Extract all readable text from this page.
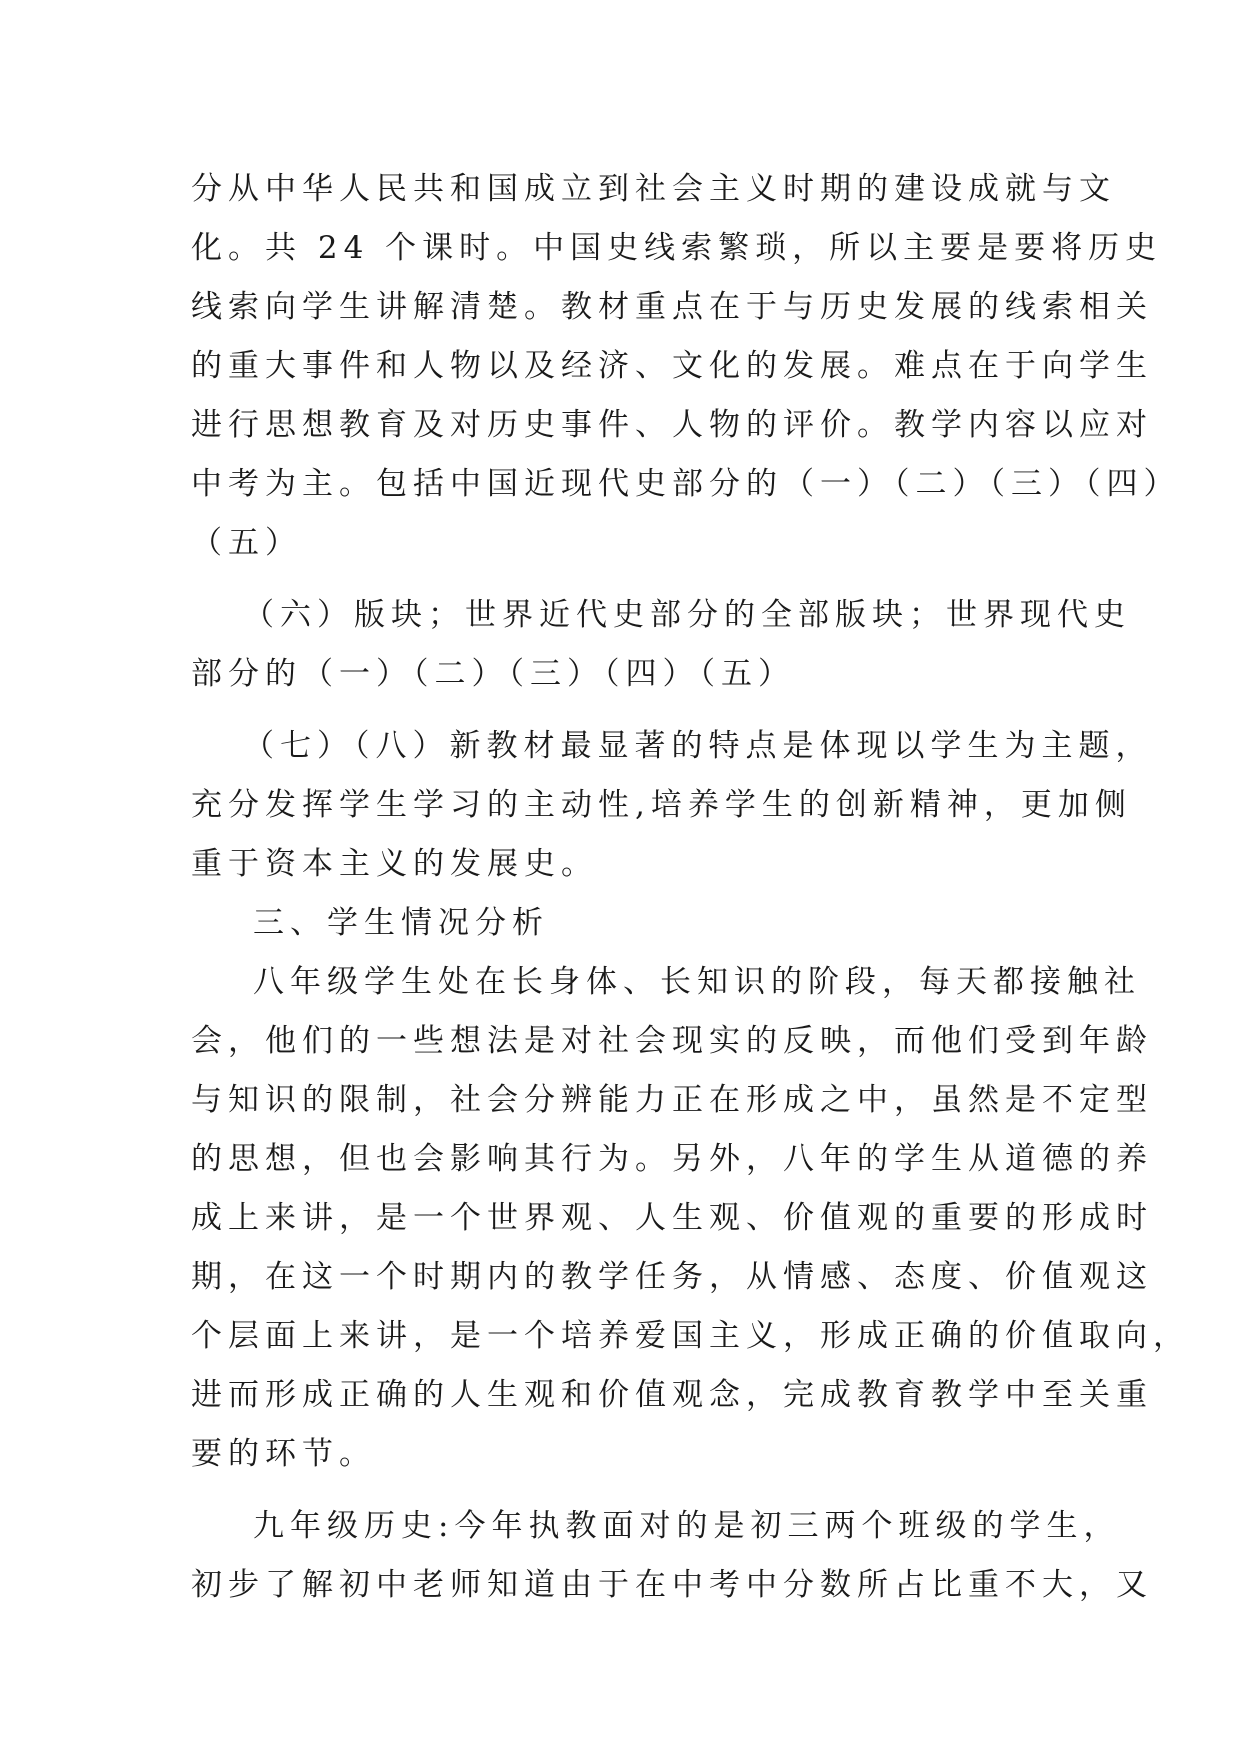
分从中华人民共和国成立到社会主义时期的建设成就与文
化。共 24 个课时。中国史线索繁琐，所以主要是要将历史
线索向学生讲解清楚。教材重点在于与历史发展的线索相关
的重大事件和人物以及经济、文化的发展。难点在于向学生
进行思想教育及对历史事件、人物的评价。教学内容以应对
中考为主。包括中国近现代史部分的（一）（二）（三）（四）
（五）
（六）版块；世界近代史部分的全部版块；世界现代史
部分的（一）（二）（三）（四）（五）
（七）（八）新教材最显著的特点是体现以学生为主题，
充分发挥学生学习的主动性,培养学生的创新精神，更加侧
重于资本主义的发展史。
三、学生情况分析
八年级学生处在长身体、长知识的阶段，每天都接触社
会，他们的一些想法是对社会现实的反映，而他们受到年龄
与知识的限制，社会分辨能力正在形成之中，虽然是不定型
的思想，但也会影响其行为。另外，八年的学生从道德的养
成上来讲，是一个世界观、人生观、价值观的重要的形成时
期，在这一个时期内的教学任务，从情感、态度、价值观这
个层面上来讲，是一个培养爱国主义，形成正确的价值取向，
进而形成正确的人生观和价值观念，完成教育教学中至关重
要的环节。
九年级历史:今年执教面对的是初三两个班级的学生，
初步了解初中老师知道由于在中考中分数所占比重不大，又
